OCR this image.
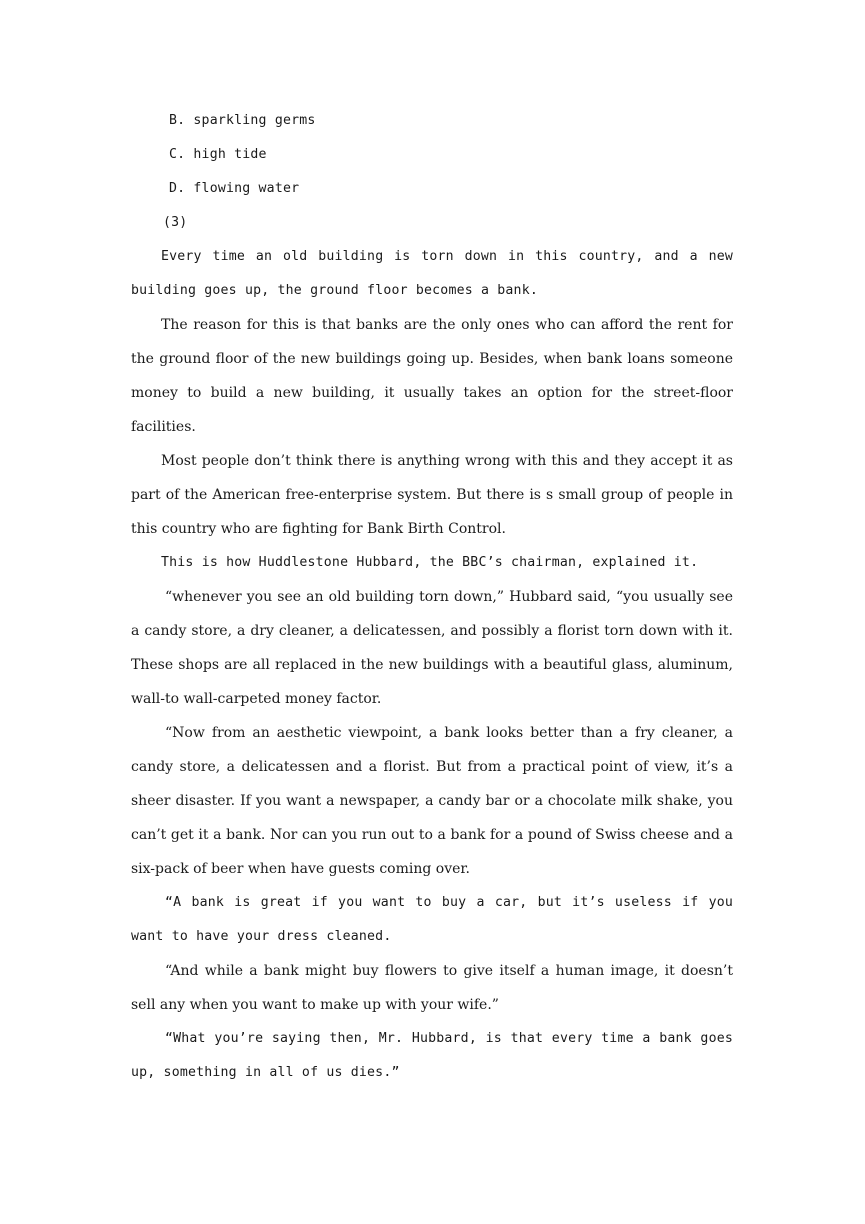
B. sparkling germs
C. high tide
D. flowing water
(3)

Every time an old building is torn down in this country, and a new building goes up, the ground floor becomes a bank.

The reason for this is that banks are the only ones who can afford the rent for the ground floor of the new buildings going up. Besides, when bank loans someone money to build a new building, it usually takes an option for the street-floor facilities.

Most people don’t think there is anything wrong with this and they accept it as part of the American free-enterprise system. But there is s small group of people in this country who are fighting for Bank Birth Control.

This is how Huddlestone Hubbard, the BBC’s chairman, explained it.

“whenever you see an old building torn down,” Hubbard said, “you usually see a candy store, a dry cleaner, a delicatessen, and possibly a florist torn down with it. These shops are all replaced in the new buildings with a beautiful glass, aluminum, wall-to wall-carpeted money factor.

“Now from an aesthetic viewpoint, a bank looks better than a fry cleaner, a candy store, a delicatessen and a florist. But from a practical point of view, it’s a sheer disaster. If you want a newspaper, a candy bar or a chocolate milk shake, you can’t get it a bank. Nor can you run out to a bank for a pound of Swiss cheese and a six-pack of beer when have guests coming over.

“A bank is great if you want to buy a car, but it’s useless if you want to have your dress cleaned.

“And while a bank might buy flowers to give itself a human image, it doesn’t sell any when you want to make up with your wife.”

“What you’re saying then, Mr. Hubbard, is that every time a bank goes up, something in all of us dies.”
